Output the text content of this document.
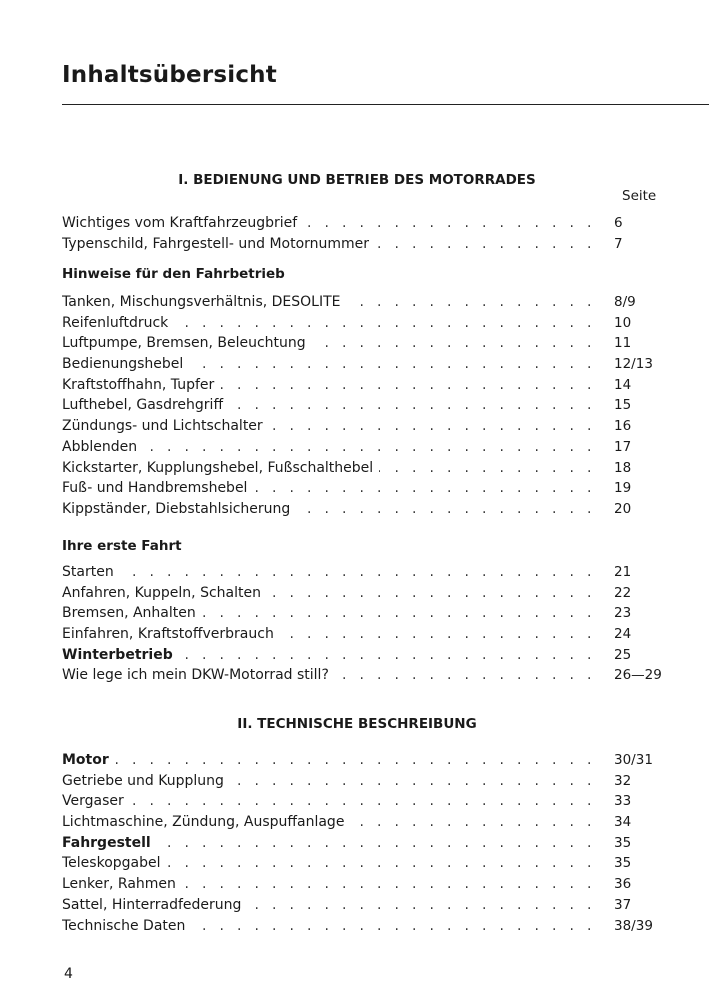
Inhaltsübersicht
I. BEDIENUNG UND BETRIEB DES MOTORRADES
Seite
. . .
Wichtiges vom Kraftfahrzeugbrief	6
. . .
Typenschild, Fahrgestell- und Motornummer	7
Hinweise für den Fahrbetrieb
. . .
Tanken, Mischungsverhältnis, DESOLITE	8/9
. . .
Reifenluftdruck	10
. . .
Luftpumpe, Bremsen, Beleuchtung	11
. . .
Bedienungshebel	12/13
. . .
Kraftstoffhahn, Tupfer	14
. . .
Lufthebel, Gasdrehgriff	15
. . .
Zündungs- und Lichtschalter	16
. . .
Abblenden	17
. . .
Kickstarter, Kupplungshebel, Fußschalthebel	18
. . .
Fuß- und Handbremshebel	19
. . .
Kippständer, Diebstahlsicherung	20
Ihre erste Fahrt
. . .
Starten	21
. . .
Anfahren, Kuppeln, Schalten	22
. . .
Bremsen, Anhalten	23
. . .
Einfahren, Kraftstoffverbrauch	24
. . .
Winterbetrieb	25
. . .
Wie lege ich mein DKW-Motorrad still?	26—29
II. TECHNISCHE BESCHREIBUNG
. . .
Motor	30/31
. . .
Getriebe und Kupplung	32
. . .
Vergaser	33
. . .
Lichtmaschine, Zündung, Auspuffanlage	34
. . .
Fahrgestell	35
. . .
Teleskopgabel	35
. . .
Lenker, Rahmen	36
. . .
Sattel, Hinterradfederung	37
. . .
Technische Daten	38/39
4
